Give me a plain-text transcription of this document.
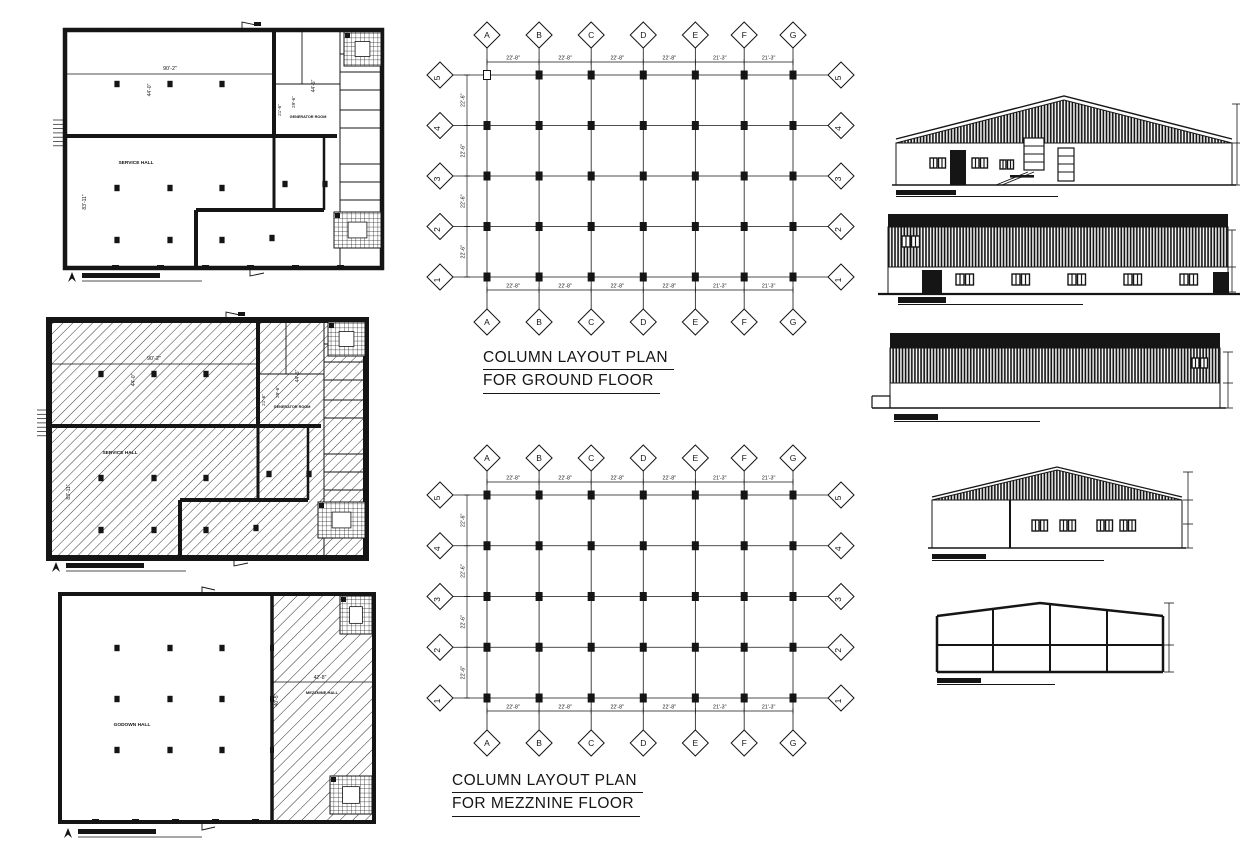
90'-2"
44'-0"
83'-11"
44'-5"
29'-6"
21'-6"
SERVICE HALL
GENERATOR ROOM
90'-2"
44'-0"
83'-11"
44'-5"
29'-6"
21'-6"
SERVICE HALL
GENERATOR ROOM
42'-8"
40'-5"
GODOWN HALL
MEZZNINE HALL
22'-8"	22'-8"	22'-8"	22'-8"	21'-3"	21'-3"
22'-8"	22'-8"	22'-8"	22'-8"	21'-3"	21'-3"
22'-6"
22'-6"
22'-6"
22'-6"
A
A
B
B
C
C
D
D
E
E
F
F
G
G
5	5
4	4
3	3
2	2
1	1
COLUMN LAYOUT PLAN
FOR GROUND FLOOR
22'-8"	22'-8"	22'-8"	22'-8"	21'-3"	21'-3"
22'-8"	22'-8"	22'-8"	22'-8"	21'-3"	21'-3"
22'-6"
22'-6"
22'-6"
22'-6"
A
A
B
B
C
C
D
D
E
E
F
F
G
G
5	5
4	4
3	3
2	2
1	1
COLUMN LAYOUT PLAN
FOR MEZZNINE FLOOR
